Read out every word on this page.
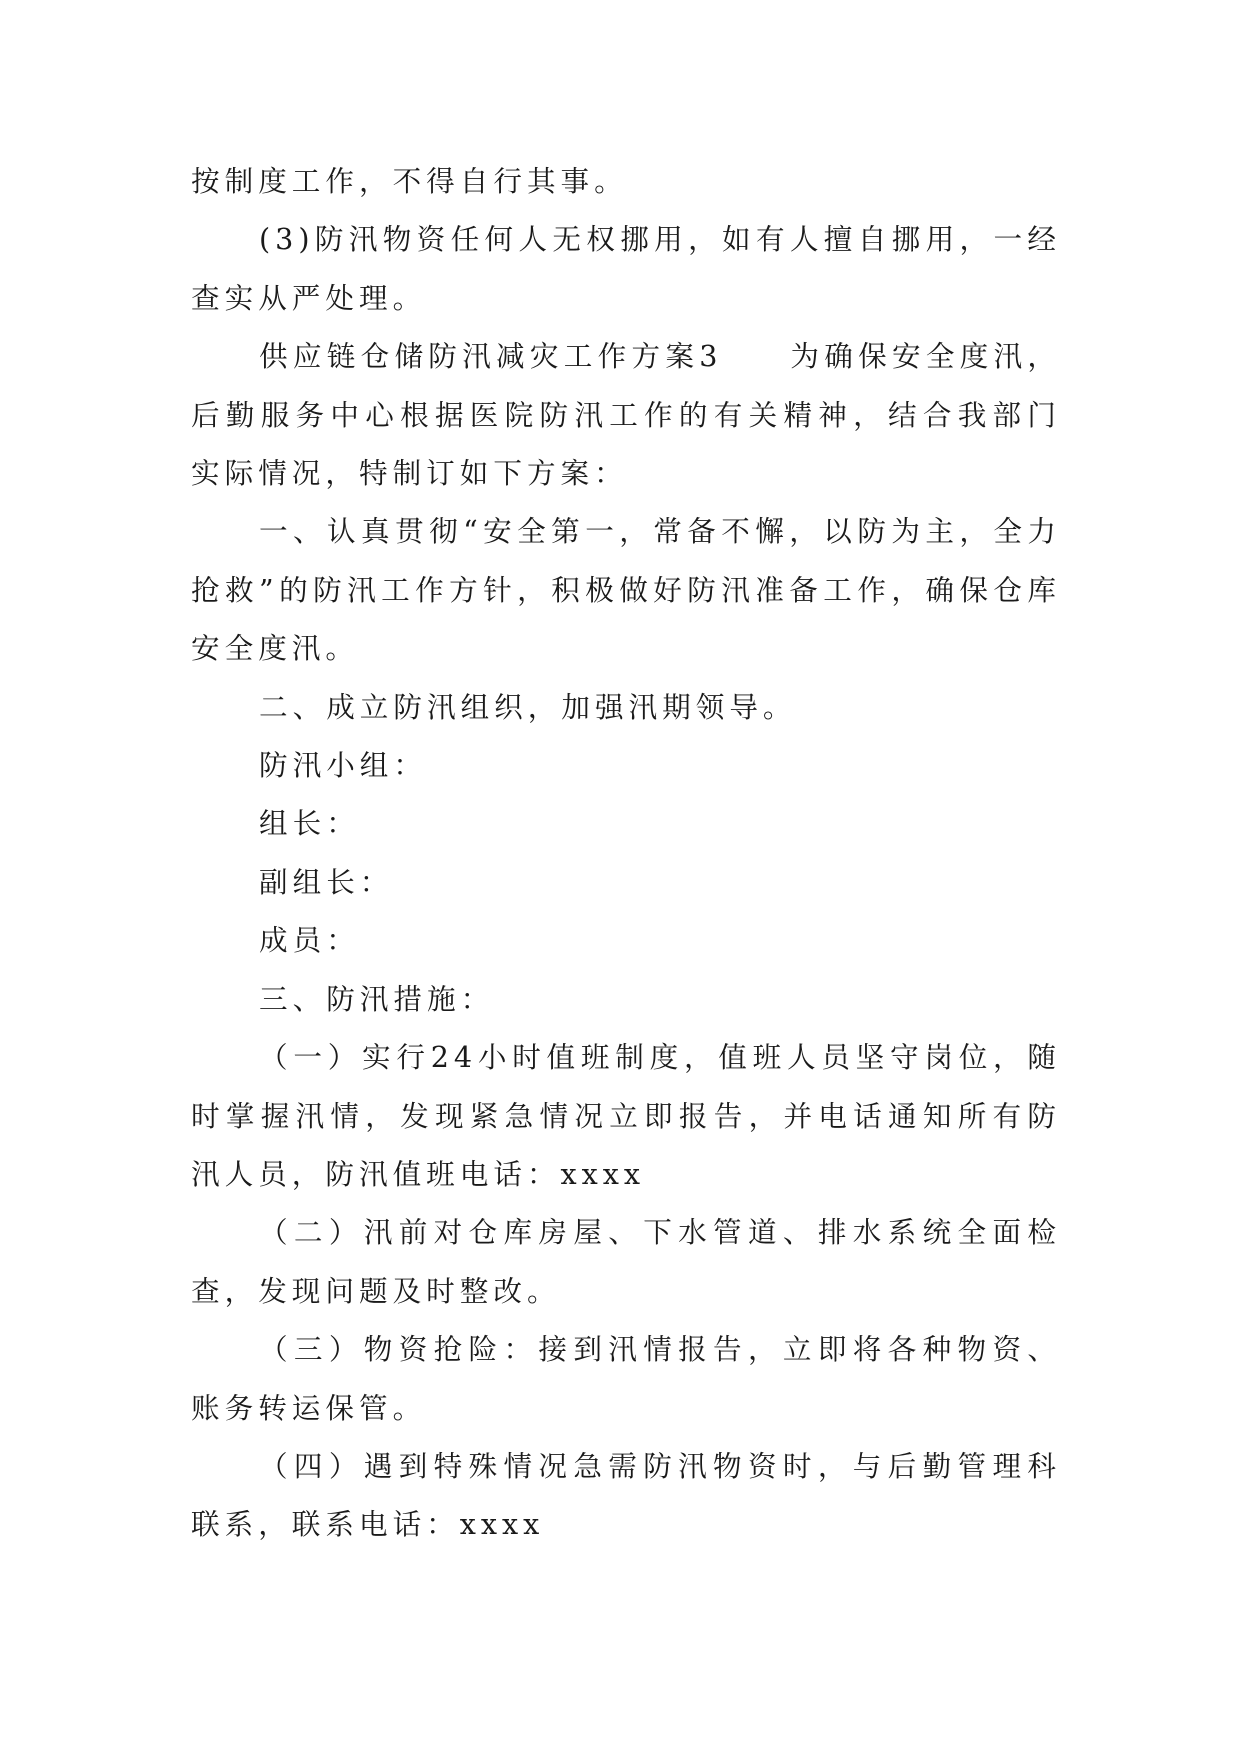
按制度工作，不得自行其事。

(3)防汛物资任何人无权挪用，如有人擅自挪用，一经查实从严处理。

供应链仓储防汛减灾工作方案3　　为确保安全度汛，后勤服务中心根据医院防汛工作的有关精神，结合我部门实际情况，特制订如下方案：

一、认真贯彻“安全第一，常备不懈，以防为主，全力抢救”的防汛工作方针，积极做好防汛准备工作，确保仓库安全度汛。

二、成立防汛组织，加强汛期领导。

防汛小组：

组长：

副组长：

成员：

三、防汛措施：

（一）实行24小时值班制度，值班人员坚守岗位，随时掌握汛情，发现紧急情况立即报告，并电话通知所有防汛人员，防汛值班电话：xxxx

（二）汛前对仓库房屋、下水管道、排水系统全面检查，发现问题及时整改。

（三）物资抢险：接到汛情报告，立即将各种物资、账务转运保管。

（四）遇到特殊情况急需防汛物资时，与后勤管理科联系，联系电话：xxxx
